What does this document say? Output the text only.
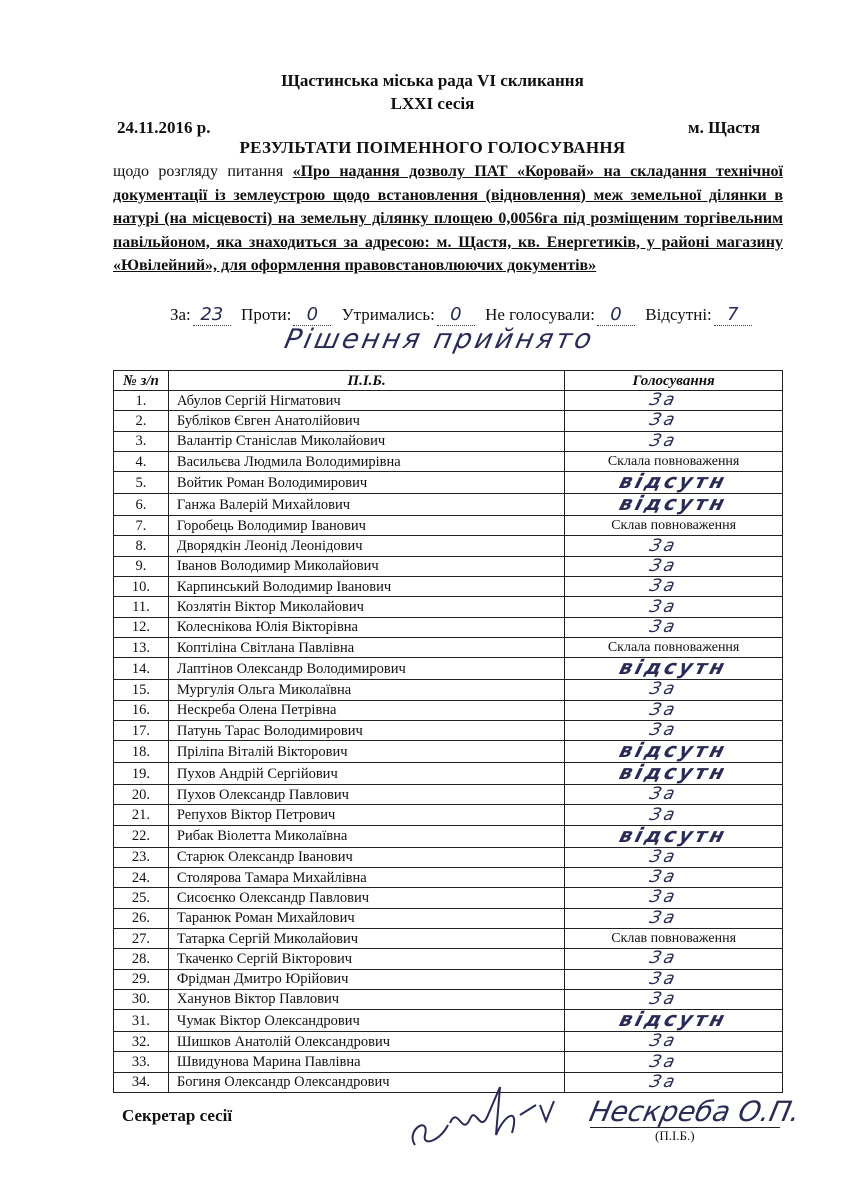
Щастинська міська рада VI скликання
LXXI сесія
24.11.2016 р.	м. Щастя
РЕЗУЛЬТАТИ ПОІМЕННОГО ГОЛОСУВАННЯ
щодо розгляду питання «Про надання дозволу ПАТ «Коровай» на складання технічної документації із землеустрою щодо встановлення (відновлення) меж земельної ділянки в натурі (на місцевості) на земельну ділянку площею 0,0056га під розміщеним торгівельним павільйоном, яка знаходиться за адресою: м. Щастя, кв. Енергетиків, у районі магазину «Ювілейний», для оформлення правовстановлюючих документів»
За: 23 Проти: 0 Утримались: 0 Не голосували: 0 Відсутні: 7
Рішення прийнято
№ з/п	П.І.Б.	Голосування
1.	Абулов Сергій Нігматович	За
2.	Бубліков Євген Анатолійович	За
3.	Валантір Станіслав Миколайович	За
4.	Васильєва Людмила Володимирівна	Склала повноваження
5.	Войтик Роман Володимирович	відсутн
6.	Ганжа Валерій Михайлович	відсутн
7.	Горобець Володимир Іванович	Склав повноваження
8.	Дворядкін Леонід Леонідович	За
9.	Іванов Володимир Миколайович	За
10.	Карпинський Володимир Іванович	За
11.	Козлятін Віктор Миколайович	За
12.	Колеснікова Юлія Вікторівна	За
13.	Коптіліна Світлана Павлівна	Склала повноваження
14.	Лаптінов Олександр Володимирович	відсутн
15.	Мургулія Ольга Миколаївна	За
16.	Нескреба Олена Петрівна	За
17.	Патунь Тарас Володимирович	За
18.	Пріліпа Віталій Вікторович	відсутн
19.	Пухов Андрій Сергійович	відсутн
20.	Пухов Олександр Павлович	За
21.	Репухов Віктор Петрович	За
22.	Рибак Віолетта Миколаївна	відсутн
23.	Старюк Олександр Іванович	За
24.	Столярова Тамара Михайлівна	За
25.	Сисоєнко Олександр Павлович	За
26.	Таранюк Роман Михайлович	За
27.	Татарка Сергій Миколайович	Склав повноваження
28.	Ткаченко Сергій Вікторович	За
29.	Фрідман Дмитро Юрійович	За
30.	Ханунов Віктор Павлович	За
31.	Чумак Віктор Олександрович	відсутн
32.	Шишков Анатолій Олександрович	За
33.	Швидунова Марина Павлівна	За
34.	Богиня Олександр Олександрович	За
Секретар сесії	Нескреба О.П.
(П.І.Б.)
